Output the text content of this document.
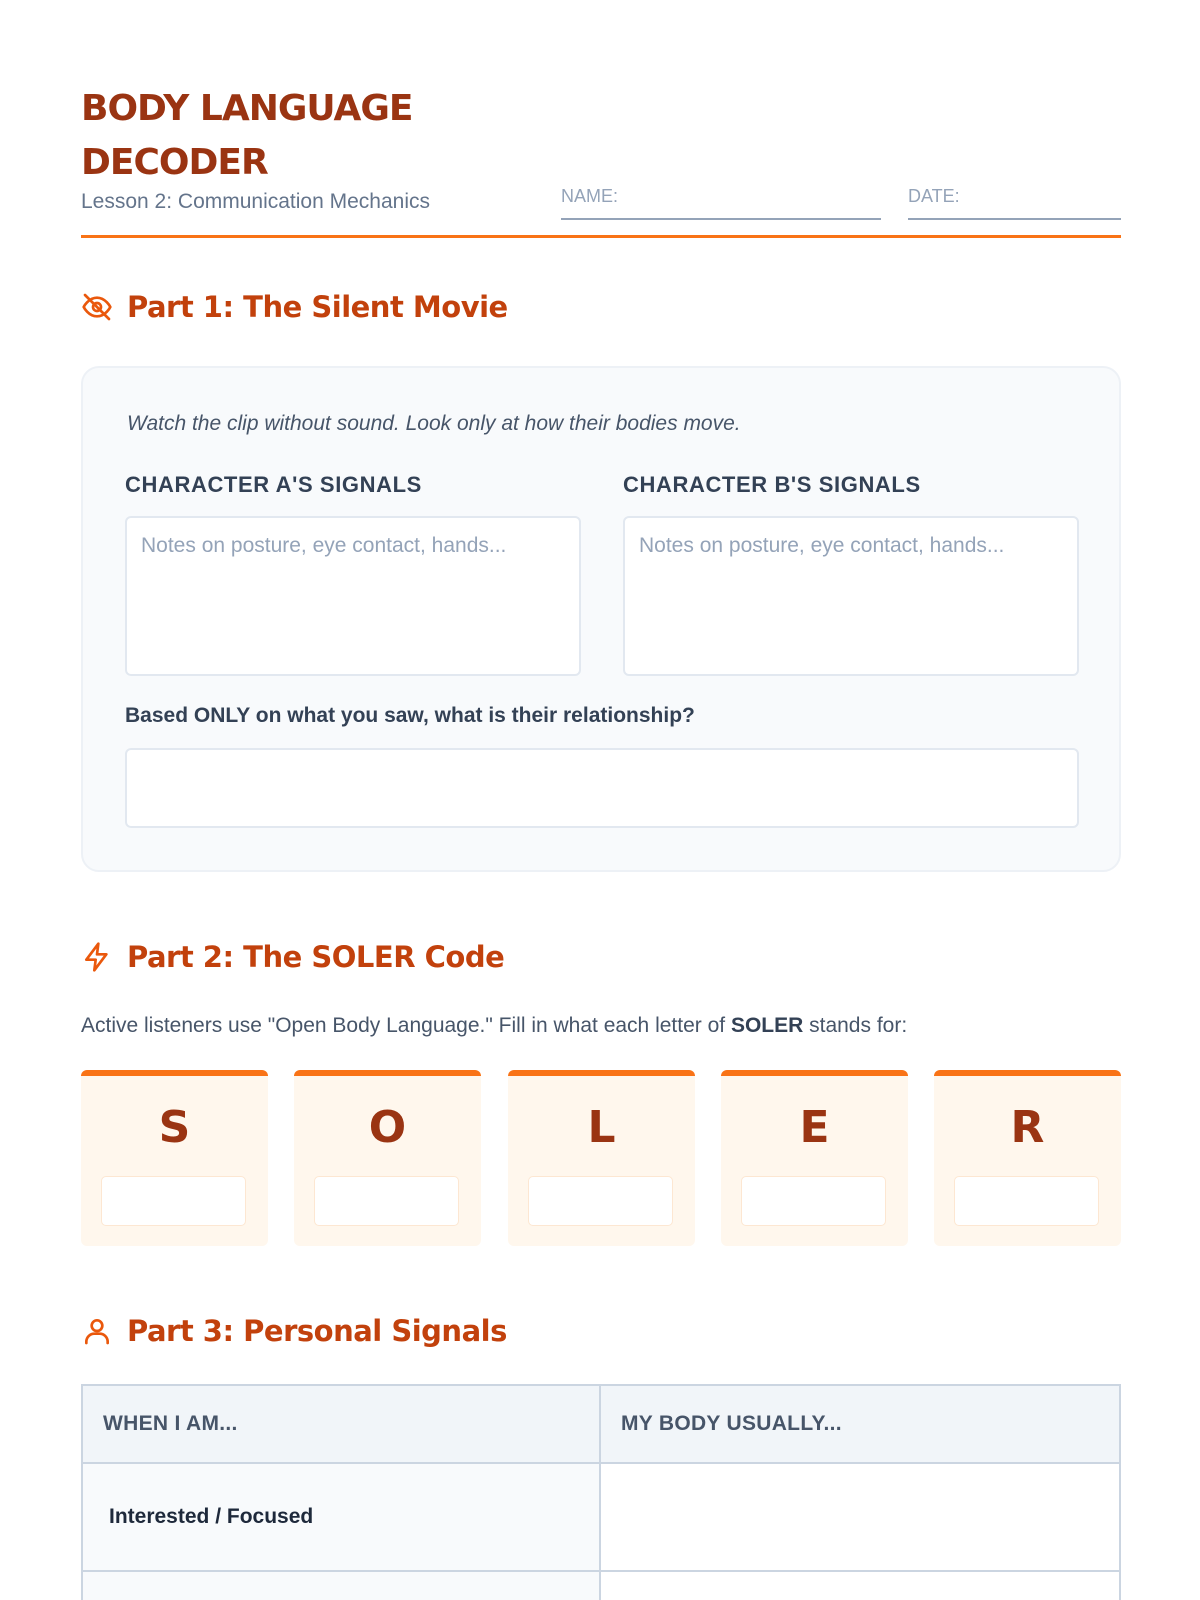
BODY LANGUAGE DECODER
Lesson 2: Communication Mechanics	NAME:	DATE:
Part 1: The Silent Movie
Watch the clip without sound. Look only at how their bodies move.
CHARACTER A'S SIGNALS	CHARACTER B'S SIGNALS
Notes on posture, eye contact, hands...	Notes on posture, eye contact, hands...
Based ONLY on what you saw, what is their relationship?
Part 2: The SOLER Code
Active listeners use "Open Body Language." Fill in what each letter of SOLER stands for:
S	O	L	E	R
Part 3: Personal Signals
WHEN I AM...	MY BODY USUALLY...
Interested / Focused
